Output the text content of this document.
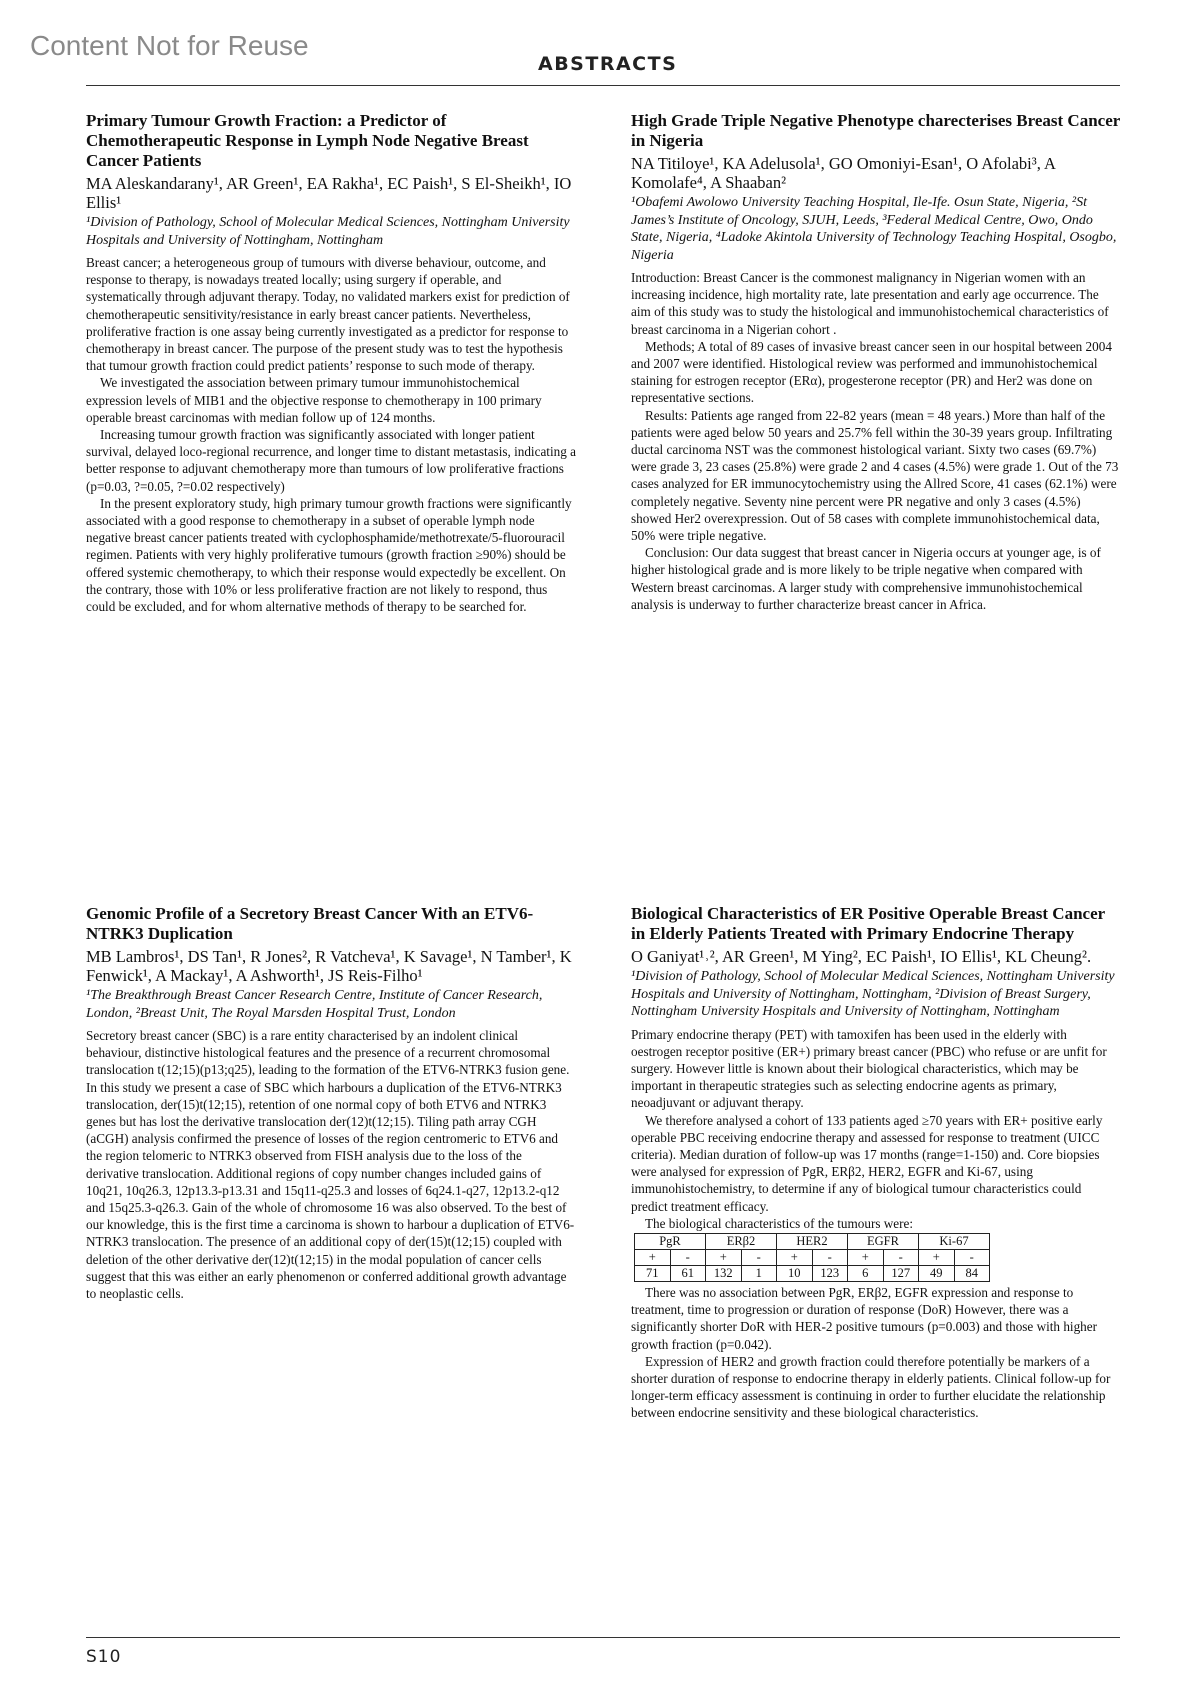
Content Not for Reuse
ABSTRACTS
Primary Tumour Growth Fraction: a Predictor of Chemotherapeutic Response in Lymph Node Negative Breast Cancer Patients
MA Aleskandarany¹, AR Green¹, EA Rakha¹, EC Paish¹, S El-Sheikh¹, IO Ellis¹
¹Division of Pathology, School of Molecular Medical Sciences, Nottingham University Hospitals and University of Nottingham, Nottingham

Breast cancer; a heterogeneous group of tumours with diverse behaviour, outcome, and response to therapy, is nowadays treated locally; using surgery if operable, and systematically through adjuvant therapy. Today, no validated markers exist for prediction of chemotherapeutic sensitivity/resistance in early breast cancer patients. Nevertheless, proliferative fraction is one assay being currently investigated as a predictor for response to chemotherapy in breast cancer. The purpose of the present study was to test the hypothesis that tumour growth fraction could predict patients’ response to such mode of therapy.

We investigated the association between primary tumour immunohistochemical expression levels of MIB1 and the objective response to chemotherapy in 100 primary operable breast carcinomas with median follow up of 124 months.

Increasing tumour growth fraction was significantly associated with longer patient survival, delayed loco-regional recurrence, and longer time to distant metastasis, indicating a better response to adjuvant chemotherapy more than tumours of low proliferative fractions (p=0.03, ?=0.05, ?=0.02 respectively)

In the present exploratory study, high primary tumour growth fractions were significantly associated with a good response to chemotherapy in a subset of operable lymph node negative breast cancer patients treated with cyclophosphamide/methotrexate/5-fluorouracil regimen. Patients with very highly proliferative tumours (growth fraction ≥90%) should be offered systemic chemotherapy, to which their response would expectedly be excellent. On the contrary, those with 10% or less proliferative fraction are not likely to respond, thus could be excluded, and for whom alternative methods of therapy to be searched for.

High Grade Triple Negative Phenotype charecterises Breast Cancer in Nigeria
NA Titiloye¹, KA Adelusola¹, GO Omoniyi-Esan¹, O Afolabi³, A Komolafe⁴, A Shaaban²
¹Obafemi Awolowo University Teaching Hospital, Ile-Ife. Osun State, Nigeria, ²St James’s Institute of Oncology, SJUH, Leeds, ³Federal Medical Centre, Owo, Ondo State, Nigeria, ⁴Ladoke Akintola University of Technology Teaching Hospital, Osogbo, Nigeria

Introduction: Breast Cancer is the commonest malignancy in Nigerian women with an increasing incidence, high mortality rate, late presentation and early age occurrence. The aim of this study was to study the histological and immunohistochemical characteristics of breast carcinoma in a Nigerian cohort .

Methods; A total of 89 cases of invasive breast cancer seen in our hospital between 2004 and 2007 were identified. Histological review was performed and immunohistochemical staining for estrogen receptor (ERα), progesterone receptor (PR) and Her2 was done on representative sections.

Results: Patients age ranged from 22-82 years (mean = 48 years.) More than half of the patients were aged below 50 years and 25.7% fell within the 30-39 years group. Infiltrating ductal carcinoma NST was the commonest histological variant. Sixty two cases (69.7%) were grade 3, 23 cases (25.8%) were grade 2 and 4 cases (4.5%) were grade 1. Out of the 73 cases analyzed for ER immunocytochemistry using the Allred Score, 41 cases (62.1%) were completely negative. Seventy nine percent were PR negative and only 3 cases (4.5%) showed Her2 overexpression. Out of 58 cases with complete immunohistochemical data, 50% were triple negative.

Conclusion: Our data suggest that breast cancer in Nigeria occurs at younger age, is of higher histological grade and is more likely to be triple negative when compared with Western breast carcinomas. A larger study with comprehensive immunohistochemical analysis is underway to further characterize breast cancer in Africa.

Genomic Profile of a Secretory Breast Cancer With an ETV6-NTRK3 Duplication
MB Lambros¹, DS Tan¹, R Jones², R Vatcheva¹, K Savage¹, N Tamber¹, K Fenwick¹, A Mackay¹, A Ashworth¹, JS Reis-Filho¹
¹The Breakthrough Breast Cancer Research Centre, Institute of Cancer Research, London, ²Breast Unit, The Royal Marsden Hospital Trust, London

Secretory breast cancer (SBC) is a rare entity characterised by an indolent clinical behaviour, distinctive histological features and the presence of a recurrent chromosomal translocation t(12;15)(p13;q25), leading to the formation of the ETV6-NTRK3 fusion gene. In this study we present a case of SBC which harbours a duplication of the ETV6-NTRK3 translocation, der(15)t(12;15), retention of one normal copy of both ETV6 and NTRK3 genes but has lost the derivative translocation der(12)t(12;15). Tiling path array CGH (aCGH) analysis confirmed the presence of losses of the region centromeric to ETV6 and the region telomeric to NTRK3 observed from FISH analysis due to the loss of the derivative translocation. Additional regions of copy number changes included gains of 10q21, 10q26.3, 12p13.3-p13.31 and 15q11-q25.3 and losses of 6q24.1-q27, 12p13.2-q12 and 15q25.3-q26.3. Gain of the whole of chromosome 16 was also observed. To the best of our knowledge, this is the first time a carcinoma is shown to harbour a duplication of ETV6-NTRK3 translocation. The presence of an additional copy of der(15)t(12;15) coupled with deletion of the other derivative der(12)t(12;15) in the modal population of cancer cells suggest that this was either an early phenomenon or conferred additional growth advantage to neoplastic cells.

Biological Characteristics of ER Positive Operable Breast Cancer in Elderly Patients Treated with Primary Endocrine Therapy
O Ganiyat¹˒², AR Green¹, M Ying², EC Paish¹, IO Ellis¹, KL Cheung².
¹Division of Pathology, School of Molecular Medical Sciences, Nottingham University Hospitals and University of Nottingham, Nottingham, ²Division of Breast Surgery, Nottingham University Hospitals and University of Nottingham, Nottingham

Primary endocrine therapy (PET) with tamoxifen has been used in the elderly with oestrogen receptor positive (ER+) primary breast cancer (PBC) who refuse or are unfit for surgery. However little is known about their biological characteristics, which may be important in therapeutic strategies such as selecting endocrine agents as primary, neoadjuvant or adjuvant therapy.

We therefore analysed a cohort of 133 patients aged ≥70 years with ER+ positive early operable PBC receiving endocrine therapy and assessed for response to treatment (UICC criteria). Median duration of follow-up was 17 months (range=1-150) and. Core biopsies were analysed for expression of PgR, ERβ2, HER2, EGFR and Ki-67, using immunohistochemistry, to determine if any of biological tumour characteristics could predict treatment efficacy.

The biological characteristics of the tumours were:

PgR		ERβ2		HER2		EGFR		Ki-67	
+	-	+	-	+	-	+	-	+	-
71	61	132	1	10	123	6	127	49	84

There was no association between PgR, ERβ2, EGFR expression and response to treatment, time to progression or duration of response (DoR) However, there was a significantly shorter DoR with HER-2 positive tumours (p=0.003) and those with higher growth fraction (p=0.042).

Expression of HER2 and growth fraction could therefore potentially be markers of a shorter duration of response to endocrine therapy in elderly patients. Clinical follow-up for longer-term efficacy assessment is continuing in order to further elucidate the relationship between endocrine sensitivity and these biological characteristics.

S10
